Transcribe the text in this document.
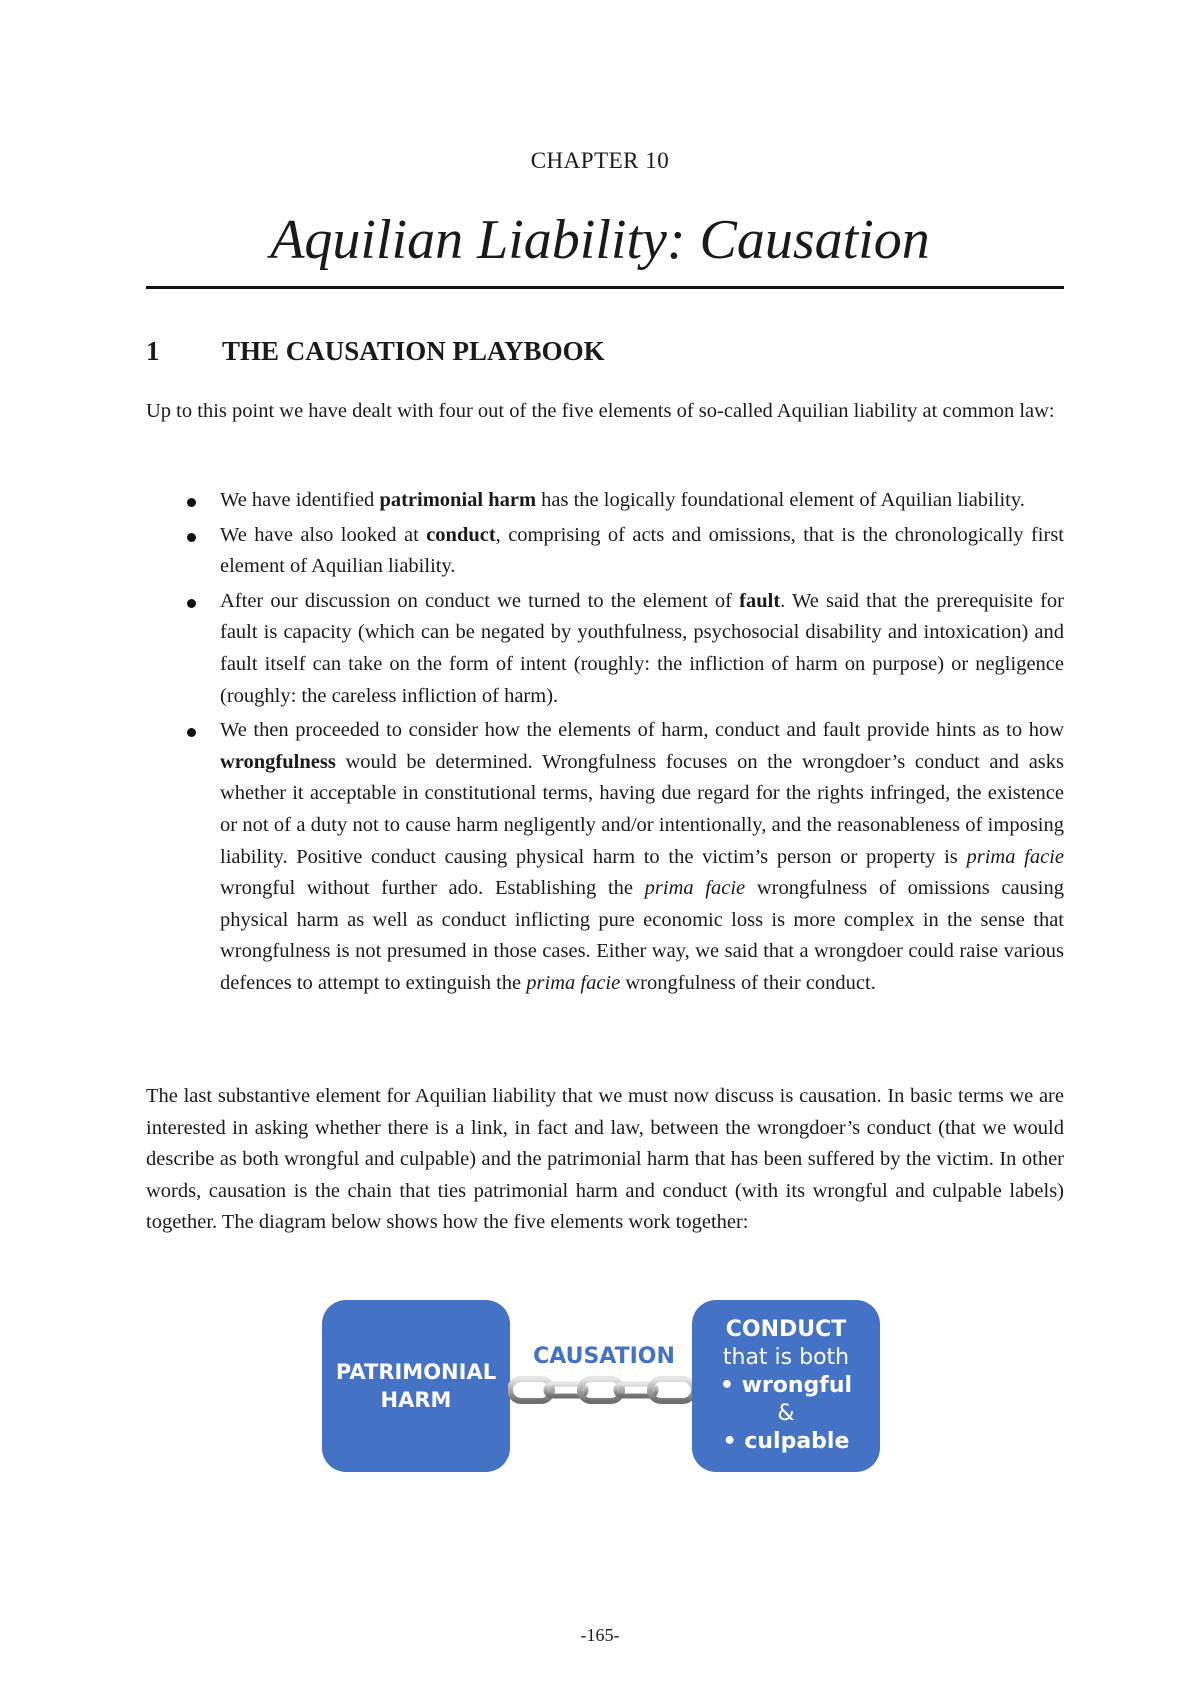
CHAPTER 10
Aquilian Liability: Causation
1	THE CAUSATION PLAYBOOK

Up to this point we have dealt with four out of the five elements of so-called Aquilian liability at common law:

We have identified patrimonial harm has the logically foundational element of Aquilian liability.
We have also looked at conduct, comprising of acts and omissions, that is the chronologically first element of Aquilian liability.
After our discussion on conduct we turned to the element of fault. We said that the prerequisite for fault is capacity (which can be negated by youthfulness, psychosocial disability and intoxication) and fault itself can take on the form of intent (roughly: the infliction of harm on purpose) or negligence (roughly: the careless infliction of harm).
We then proceeded to consider how the elements of harm, conduct and fault provide hints as to how wrongfulness would be determined. Wrongfulness focuses on the wrongdoer’s conduct and asks whether it acceptable in constitutional terms, having due regard for the rights infringed, the existence or not of a duty not to cause harm negligently and/or intentionally, and the reasonableness of imposing liability. Positive conduct causing physical harm to the victim’s person or property is prima facie wrongful without further ado. Establishing the prima facie wrongfulness of omissions causing physical harm as well as conduct inflicting pure economic loss is more complex in the sense that wrongfulness is not presumed in those cases. Either way, we said that a wrongdoer could raise various defences to attempt to extinguish the prima facie wrongfulness of their conduct.

The last substantive element for Aquilian liability that we must now discuss is causation. In basic terms we are interested in asking whether there is a link, in fact and law, between the wrongdoer’s conduct (that we would describe as both wrongful and culpable) and the patrimonial harm that has been suffered by the victim. In other words, causation is the chain that ties patrimonial harm and conduct (with its wrongful and culpable labels) together. The diagram below shows how the five elements work together:

PATRIMONIAL
HARM
CAUSATION
CONDUCT
that is both
• wrongful
&
• culpable
-165-
